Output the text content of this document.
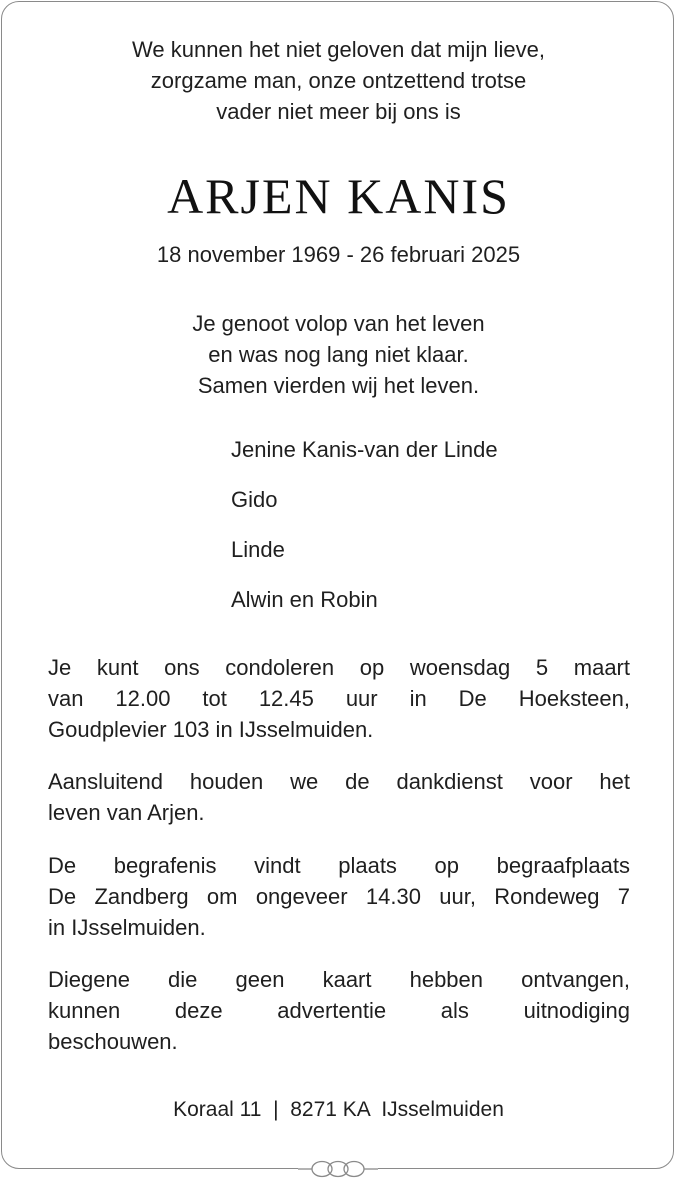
We kunnen het niet geloven dat mijn lieve,
zorgzame man, onze ontzettend trotse
vader niet meer bij ons is
ARJEN KANIS
18 november 1969 - 26 februari 2025
Je genoot volop van het leven
en was nog lang niet klaar.
Samen vierden wij het leven.
Jenine Kanis-van der Linde
Gido
Linde
Alwin en Robin
Je kunt ons condoleren op woensdag 5 maart
van 12.00 tot 12.45 uur in De Hoeksteen,
Goudplevier 103 in IJsselmuiden.
Aansluitend houden we de dankdienst voor het
leven van Arjen.
De begrafenis vindt plaats op begraafplaats
De Zandberg om ongeveer 14.30 uur, Rondeweg 7
in IJsselmuiden.
Diegene die geen kaart hebben ontvangen,
kunnen deze advertentie als uitnodiging
beschouwen.
Koraal 11  |  8271 KA  IJsselmuiden
